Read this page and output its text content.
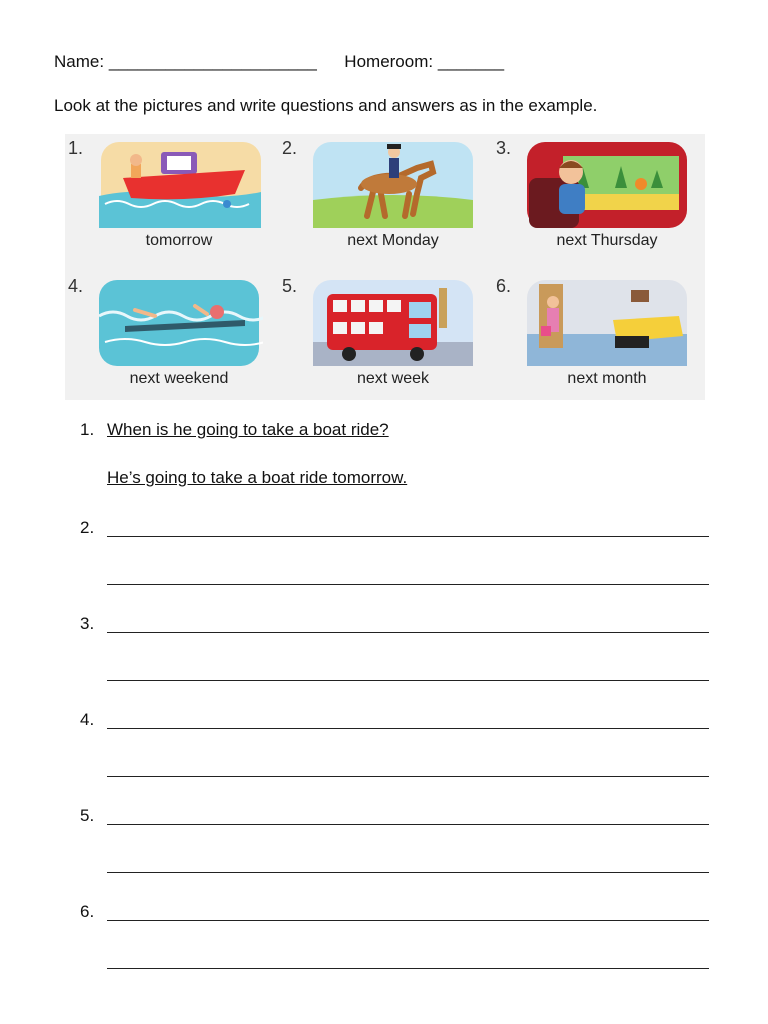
Name: ______________________ Homeroom: _______
Look at the pictures and write questions and answers as in the example.
1.
tomorrow
2.
next Monday
3.
next Thursday
4.
next weekend
5.
next week
6.
next month
1. When is he going to take a boat ride?
He’s going to take a boat ride tomorrow.
2.
3.
4.
5.
6.
